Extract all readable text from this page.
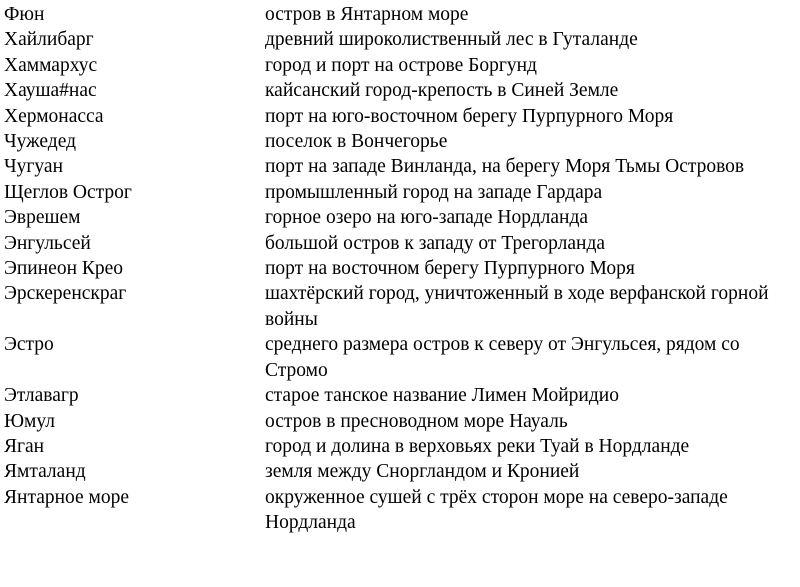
Фюн	остров в Янтарном море
Хайлибарг	древний широколиственный лес в Гуталанде
Хаммархус	город и порт на острове Боргунд
Хауша#нас	кайсанский город-крепость в Синей Земле
Хермонасса	порт на юго-восточном берегу Пурпурного Моря
Чужедед	поселок в Вончегорье
Чугуан	порт на западе Винланда, на берегу Моря Тьмы Островов
Щеглов Острог	промышленный город на западе Гардара
Эврешем	горное озеро на юго-западе Нордланда
Энгульсей	большой остров к западу от Трегорланда
Эпинеон Крео	порт на восточном берегу Пурпурного Моря
Эрскеренскраг	шахтёрский город, уничтоженный в ходе верфанской горной войны
Эстро	среднего размера остров к северу от Энгульсея, рядом со Стромо
Этлавагр	старое танское название Лимен Мойридио
Юмул	остров в пресноводном море Науаль
Яган	город и долина в верховьях реки Туай в Нордланде
Ямталанд	земля между Сноргландом и Кронией
Янтарное море	окруженное сушей с трёх сторон море на северо-западе Нордланда
